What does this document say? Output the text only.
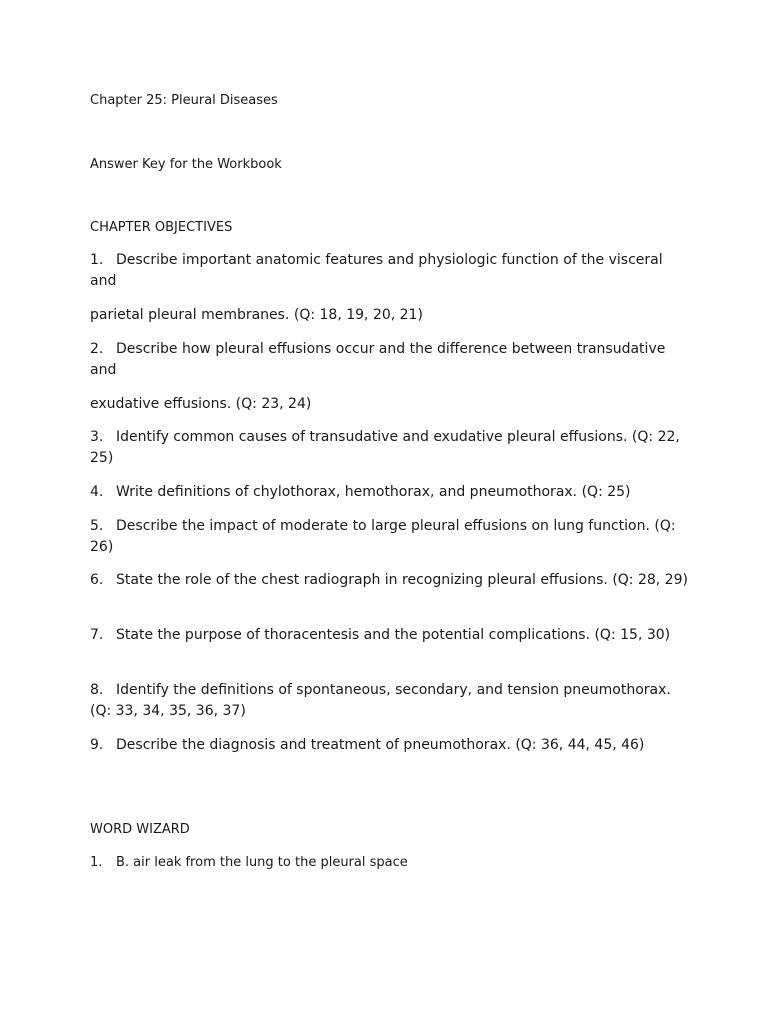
Chapter 25: Pleural Diseases

Answer Key for the Workbook

CHAPTER OBJECTIVES

1. Describe important anatomic features and physiologic function of the visceral and

parietal pleural membranes. (Q: 18, 19, 20, 21)

2. Describe how pleural effusions occur and the difference between transudative and

exudative effusions. (Q: 23, 24)

3. Identify common causes of transudative and exudative pleural effusions. (Q: 22, 25)

4. Write definitions of chylothorax, hemothorax, and pneumothorax. (Q: 25)

5. Describe the impact of moderate to large pleural effusions on lung function. (Q: 26)

6. State the role of the chest radiograph in recognizing pleural effusions. (Q: 28, 29)

7. State the purpose of thoracentesis and the potential complications. (Q: 15, 30)

8. Identify the definitions of spontaneous, secondary, and tension pneumothorax. (Q: 33, 34, 35, 36, 37)

9. Describe the diagnosis and treatment of pneumothorax. (Q: 36, 44, 45, 46)

WORD WIZARD

1. B. air leak from the lung to the pleural space
